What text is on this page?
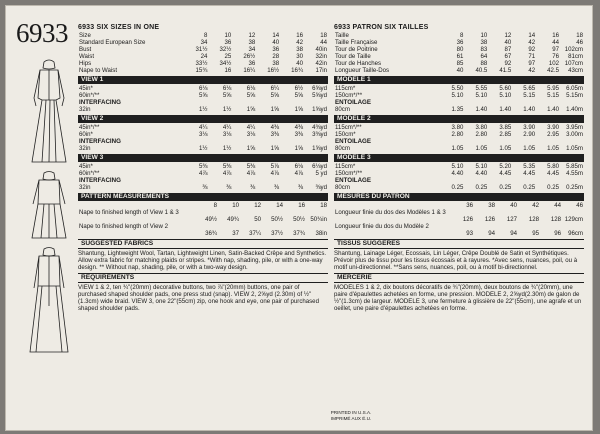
6933 6933 SIX SIZES IN ONE
Size	8	10	12	14	16	18
Standard European Size	34	36	38	40	42	44
Bust	31½	32½	34	36	38	40in
Waist	24	25	26½	28	30	32in
Hips	33½	34½	36	38	40	42in
Nape to Waist	15¾	16	16¼	16½	16¾	17in
VIEW 1
45in*	6⅛	6⅛	6⅛	6¼	6½	6⅝yd
60in*/**	5⅝	5⅝	5⅝	5⅝	5⅝	5⅝yd
INTERFACING						
32in	1½	1½	1⅝	1⅝	1⅝	1⅝yd
VIEW 2
45in*/**	4¼	4¼	4¼	4⅜	4⅜	4⅜yd
60in*	3⅛	3⅛	3⅛	3⅜	3⅜	3⅜yd
INTERFACING						
32in	1½	1½	1⅝	1⅝	1⅝	1⅝yd
VIEW 3
45in*	5⅜	5⅜	5⅜	5⅞	6⅛	6⅛yd
60in*/**	4⅞	4⅞	4⅞	4⅞	4⅞	5 yd
INTERFACING						
32in	⅜	⅜	⅜	⅜	⅜	⅜yd
PATTERN MEASUREMENTS
	8	10	12	14	16	18
Nape to finished length of View 1 & 3						
	49½	49¾	50	50½	50½	50¾in
Nape to finished length of View 2						
	36¾	37	37¼	37½	37¾	38in
SUGGESTED FABRICS

Shantung, Lightweight Wool, Tartan, Lightweight Linen, Satin-Backed Crêpe and Synthetics. Allow extra fabric for matching plaids or stripes. *With nap, shading, pile, or with a one-way design. ** Without nap, shading, pile, or with a two-way design.

REQUIREMENTS

VIEW 1 & 2, ten ¾"(20mm) decorative buttons, two ⅞"(20mm) buttons, one pair of purchased shaped shoulder pads, one press stud (snap). VIEW 2, 2⅝yd (2.30m) of ½"(1.3cm) wide braid. VIEW 3, one 22"(55cm) zip, one hook and eye, one pair of purchased shaped shoulder pads.

6933 PATRON SIX TAILLES
Taille	8	10	12	14	16	18
Taille Française	36	38	40	42	44	46
Tour de Poitrine	80	83	87	92	97	102cm
Tour de Taille	61	64	67	71	76	81cm
Tour de Hanches	85	88	92	97	102	107cm
Longueur Taille-Dos	40	40.5	41.5	42	42.5	43cm
MODELE 1
115cm*	5.50	5.55	5.60	5.65	5.95	6.05m
150cm*/**	5.10	5.10	5.10	5.15	5.15	5.15m
ENTOILAGE						
80cm	1.35	1.40	1.40	1.40	1.40	1.40m
MODELE 2
115cm*/**	3.80	3.80	3.85	3.90	3.90	3.95m
150cm*	2.80	2.80	2.85	2.90	2.95	3.00m
ENTOILAGE						
80cm	1.05	1.05	1.05	1.05	1.05	1.05m
MODELE 3
115cm*	5.10	5.10	5.20	5.35	5.80	5.85m
150cm*/**	4.40	4.40	4.45	4.45	4.45	4.55m
ENTOILAGE						
80cm	0.25	0.25	0.25	0.25	0.25	0.25m
MESURES DU PATRON
	36	38	40	42	44	46
Longueur finie du dos des Modèles 1 & 3						
	126	126	127	128	128	129cm
Longueur finie du dos du Modèle 2						
	93	94	94	95	96	96cm
TISSUS SUGGERES

Shantung, Lainage Léger, Ecossais, Lin Léger, Crêpe Doublé de Satin et Synthétiques. Prévoir plus de tissu pour les tissus écossais et à rayures. *Avec sens, nuances, poil, ou à motif uni-directionnel. **Sans sens, nuances, poil, ou à motif bi-directionnel.

MERCERIE

MODELES 1 & 2, dix boutons décoratifs de ¾"(20mm), deux boutons de ¾"(20mm), une paire d'épaulettes achetées en forme, une pression. MODELE 2, 2⅝yd(2.30m) de galon de ½"(1.3cm) de largeur. MODELE 3, une fermeture à glissière de 22"(55cm), une agrafe et un oeillet, une paire d'épaulettes achetées en forme.

PRINTED IN U.S.A.
IMPRIMÉ AUX É.U.
